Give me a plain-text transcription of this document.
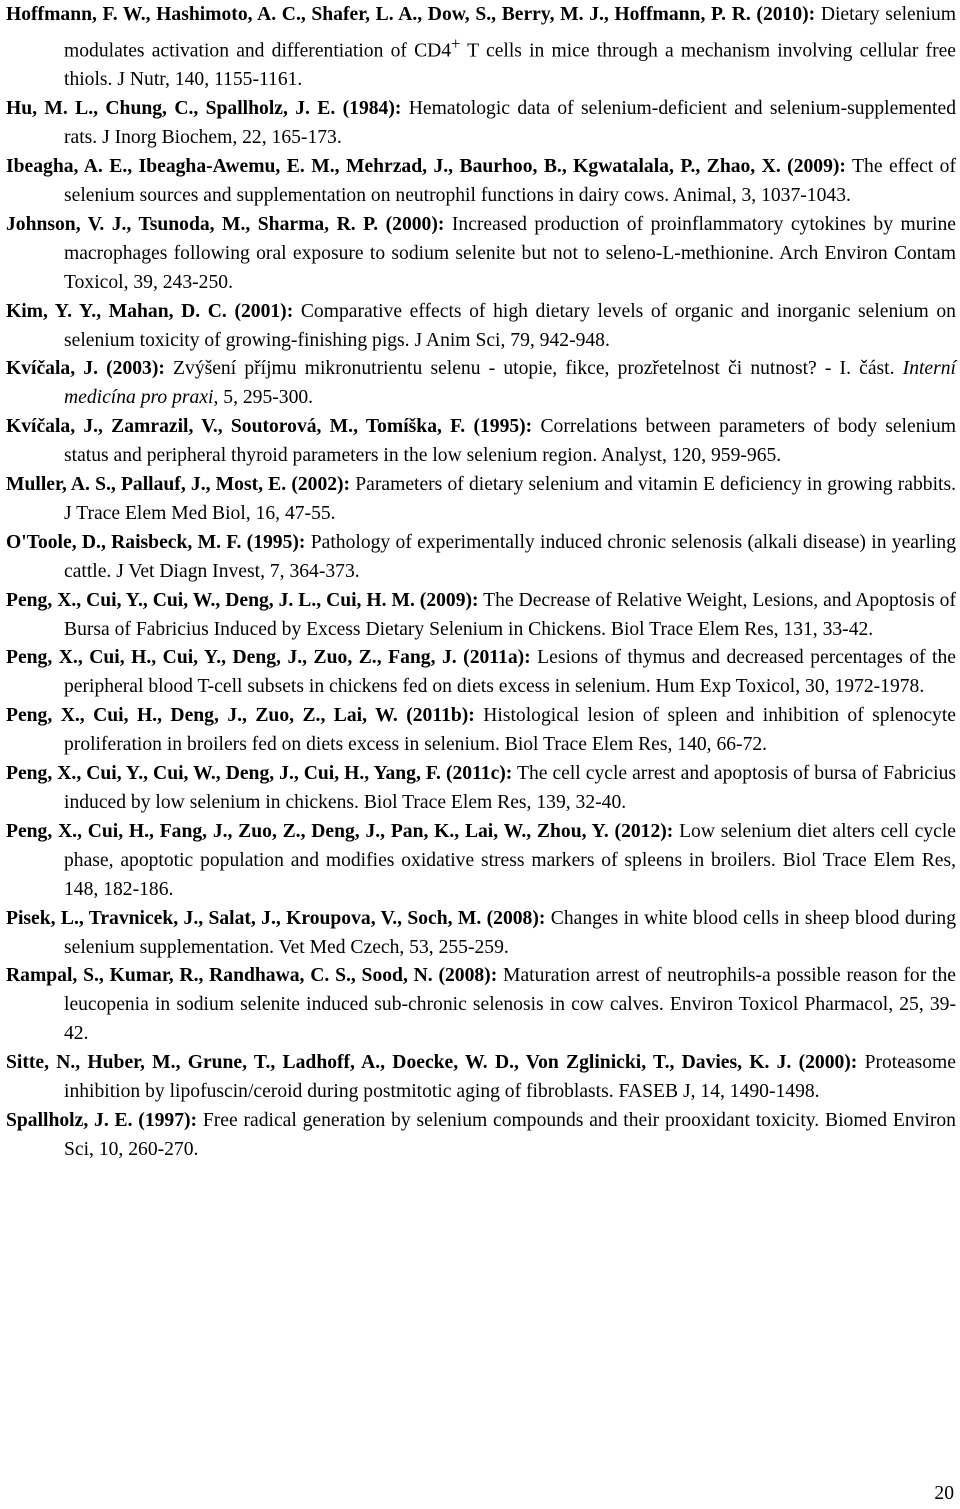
Hoffmann, F. W., Hashimoto, A. C., Shafer, L. A., Dow, S., Berry, M. J., Hoffmann, P. R. (2010): Dietary selenium modulates activation and differentiation of CD4+ T cells in mice through a mechanism involving cellular free thiols. J Nutr, 140, 1155-1161.
Hu, M. L., Chung, C., Spallholz, J. E. (1984): Hematologic data of selenium-deficient and selenium-supplemented rats. J Inorg Biochem, 22, 165-173.
Ibeagha, A. E., Ibeagha-Awemu, E. M., Mehrzad, J., Baurhoo, B., Kgwatalala, P., Zhao, X. (2009): The effect of selenium sources and supplementation on neutrophil functions in dairy cows. Animal, 3, 1037-1043.
Johnson, V. J., Tsunoda, M., Sharma, R. P. (2000): Increased production of proinflammatory cytokines by murine macrophages following oral exposure to sodium selenite but not to seleno-L-methionine. Arch Environ Contam Toxicol, 39, 243-250.
Kim, Y. Y., Mahan, D. C. (2001): Comparative effects of high dietary levels of organic and inorganic selenium on selenium toxicity of growing-finishing pigs. J Anim Sci, 79, 942-948.
Kvíčala, J. (2003): Zvýšení příjmu mikronutrientu selenu - utopie, fikce, prozřetelnost či nutnost? - I. část. Interní medicína pro praxi, 5, 295-300.
Kvíčala, J., Zamrazil, V., Soutorová, M., Tomíška, F. (1995): Correlations between parameters of body selenium status and peripheral thyroid parameters in the low selenium region. Analyst, 120, 959-965.
Muller, A. S., Pallauf, J., Most, E. (2002): Parameters of dietary selenium and vitamin E deficiency in growing rabbits. J Trace Elem Med Biol, 16, 47-55.
O'Toole, D., Raisbeck, M. F. (1995): Pathology of experimentally induced chronic selenosis (alkali disease) in yearling cattle. J Vet Diagn Invest, 7, 364-373.
Peng, X., Cui, Y., Cui, W., Deng, J. L., Cui, H. M. (2009): The Decrease of Relative Weight, Lesions, and Apoptosis of Bursa of Fabricius Induced by Excess Dietary Selenium in Chickens. Biol Trace Elem Res, 131, 33-42.
Peng, X., Cui, H., Cui, Y., Deng, J., Zuo, Z., Fang, J. (2011a): Lesions of thymus and decreased percentages of the peripheral blood T-cell subsets in chickens fed on diets excess in selenium. Hum Exp Toxicol, 30, 1972-1978.
Peng, X., Cui, H., Deng, J., Zuo, Z., Lai, W. (2011b): Histological lesion of spleen and inhibition of splenocyte proliferation in broilers fed on diets excess in selenium. Biol Trace Elem Res, 140, 66-72.
Peng, X., Cui, Y., Cui, W., Deng, J., Cui, H., Yang, F. (2011c): The cell cycle arrest and apoptosis of bursa of Fabricius induced by low selenium in chickens. Biol Trace Elem Res, 139, 32-40.
Peng, X., Cui, H., Fang, J., Zuo, Z., Deng, J., Pan, K., Lai, W., Zhou, Y. (2012): Low selenium diet alters cell cycle phase, apoptotic population and modifies oxidative stress markers of spleens in broilers. Biol Trace Elem Res, 148, 182-186.
Pisek, L., Travnicek, J., Salat, J., Kroupova, V., Soch, M. (2008): Changes in white blood cells in sheep blood during selenium supplementation. Vet Med Czech, 53, 255-259.
Rampal, S., Kumar, R., Randhawa, C. S., Sood, N. (2008): Maturation arrest of neutrophils-a possible reason for the leucopenia in sodium selenite induced sub-chronic selenosis in cow calves. Environ Toxicol Pharmacol, 25, 39-42.
Sitte, N., Huber, M., Grune, T., Ladhoff, A., Doecke, W. D., Von Zglinicki, T., Davies, K. J. (2000): Proteasome inhibition by lipofuscin/ceroid during postmitotic aging of fibroblasts. FASEB J, 14, 1490-1498.
Spallholz, J. E. (1997): Free radical generation by selenium compounds and their prooxidant toxicity. Biomed Environ Sci, 10, 260-270.
20
